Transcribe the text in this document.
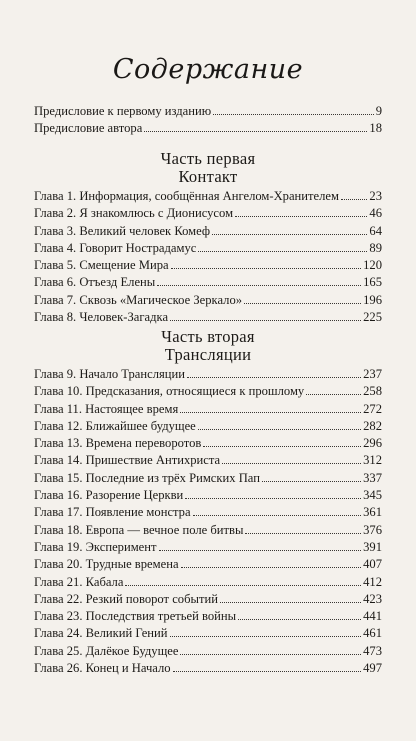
Содержание
Предисловие к первому изданию	9
Предисловие автора	18
Часть первая
Контакт
Глава 1. Информация, сообщённая Ангелом-Хранителем 23
Глава 2. Я знакомлюсь с Дионисусом	46
Глава 3. Великий человек Комеф	64
Глава 4. Говорит Нострадамус	89
Глава 5. Смещение Мира	120
Глава 6. Отъезд Елены	165
Глава 7. Сквозь «Магическое Зеркало»	196
Глава 8. Человек-Загадка	225
Часть вторая
Трансляции
Глава 9. Начало Трансляции	237
Глава 10. Предсказания, относящиеся к прошлому	258
Глава 11. Настоящее время	272
Глава 12. Ближайшее будущее	282
Глава 13. Времена переворотов	296
Глава 14. Пришествие Антихриста	312
Глава 15. Последние из трёх Римских Пап	337
Глава 16. Разорение Церкви	345
Глава 17. Появление монстра	361
Глава 18. Европа — вечное поле битвы	376
Глава 19. Эксперимент	391
Глава 20. Трудные времена	407
Глава 21. Кабала	412
Глава 22. Резкий поворот событий	423
Глава 23. Последствия третьей войны	441
Глава 24. Великий Гений	461
Глава 25. Далёкое Будущее	473
Глава 26. Конец и Начало	497
